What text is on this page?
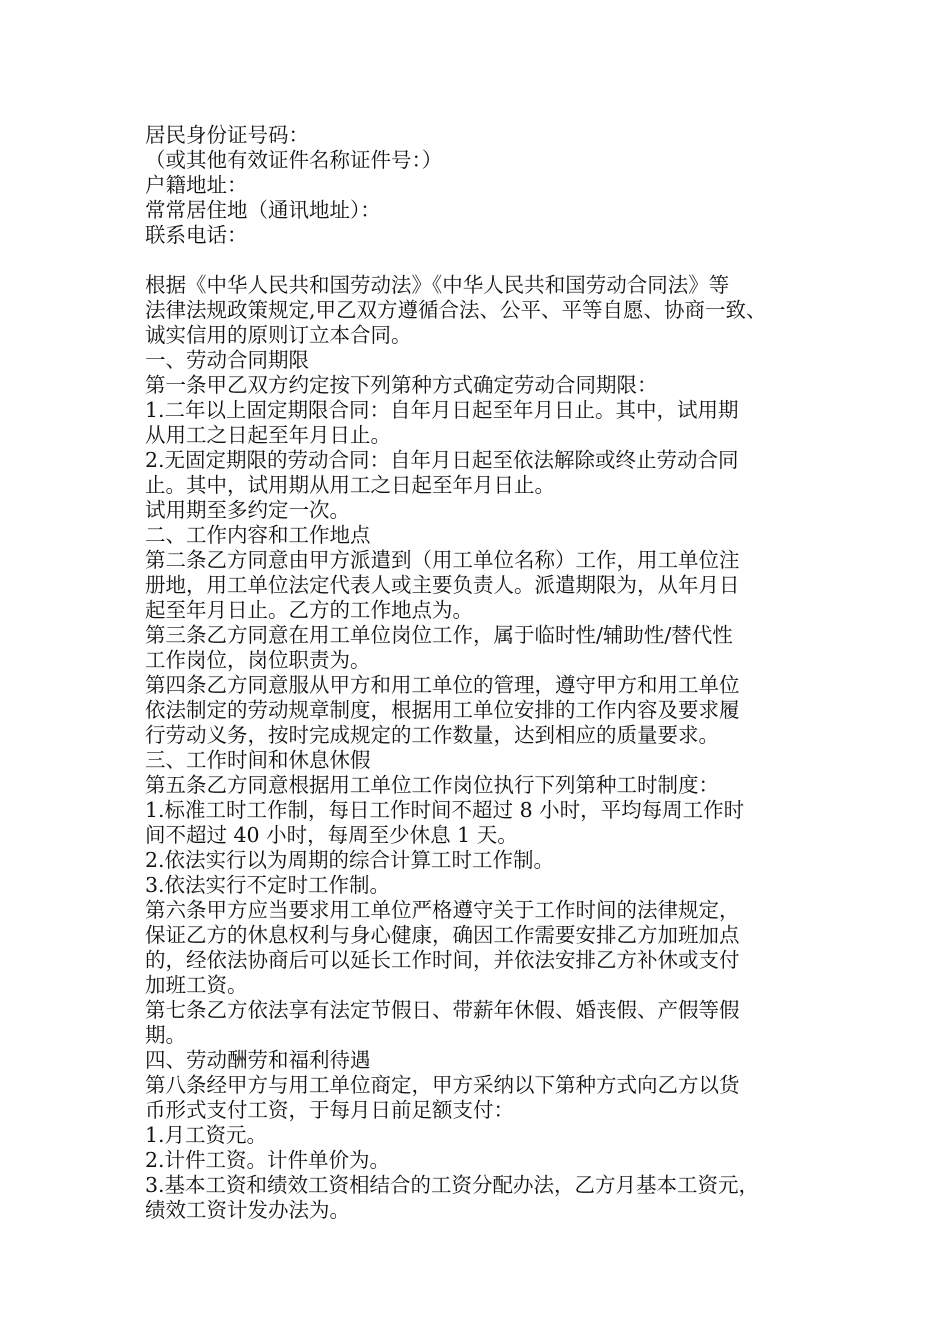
居民身份证号码：
（或其他有效证件名称证件号：）
户籍地址：
常常居住地（通讯地址）：
联系电话：
根据《中华人民共和国劳动法》《中华人民共和国劳动合同法》等
法律法规政策规定,甲乙双方遵循合法、公平、平等自愿、协商一致、
诚实信用的原则订立本合同。
一、劳动合同期限
第一条甲乙双方约定按下列第种方式确定劳动合同期限：
1.二年以上固定期限合同：自年月日起至年月日止。其中，试用期
从用工之日起至年月日止。
2.无固定期限的劳动合同：自年月日起至依法解除或终止劳动合同
止。其中，试用期从用工之日起至年月日止。
试用期至多约定一次。
二、工作内容和工作地点
第二条乙方同意由甲方派遣到（用工单位名称）工作，用工单位注
册地，用工单位法定代表人或主要负责人。派遣期限为，从年月日
起至年月日止。乙方的工作地点为。
第三条乙方同意在用工单位岗位工作，属于临时性/辅助性/替代性
工作岗位，岗位职责为。
第四条乙方同意服从甲方和用工单位的管理，遵守甲方和用工单位
依法制定的劳动规章制度，根据用工单位安排的工作内容及要求履
行劳动义务，按时完成规定的工作数量，达到相应的质量要求。
三、工作时间和休息休假
第五条乙方同意根据用工单位工作岗位执行下列第种工时制度：
1.标准工时工作制，每日工作时间不超过 8 小时，平均每周工作时
间不超过 40 小时，每周至少休息 1 天。
2.依法实行以为周期的综合计算工时工作制。
3.依法实行不定时工作制。
第六条甲方应当要求用工单位严格遵守关于工作时间的法律规定，
保证乙方的休息权利与身心健康，确因工作需要安排乙方加班加点
的，经依法协商后可以延长工作时间，并依法安排乙方补休或支付
加班工资。
第七条乙方依法享有法定节假日、带薪年休假、婚丧假、产假等假
期。
四、劳动酬劳和福利待遇
第八条经甲方与用工单位商定，甲方采纳以下第种方式向乙方以货
币形式支付工资，于每月日前足额支付：
1.月工资元。
2.计件工资。计件单价为。
3.基本工资和绩效工资相结合的工资分配办法，乙方月基本工资元，
绩效工资计发办法为。
